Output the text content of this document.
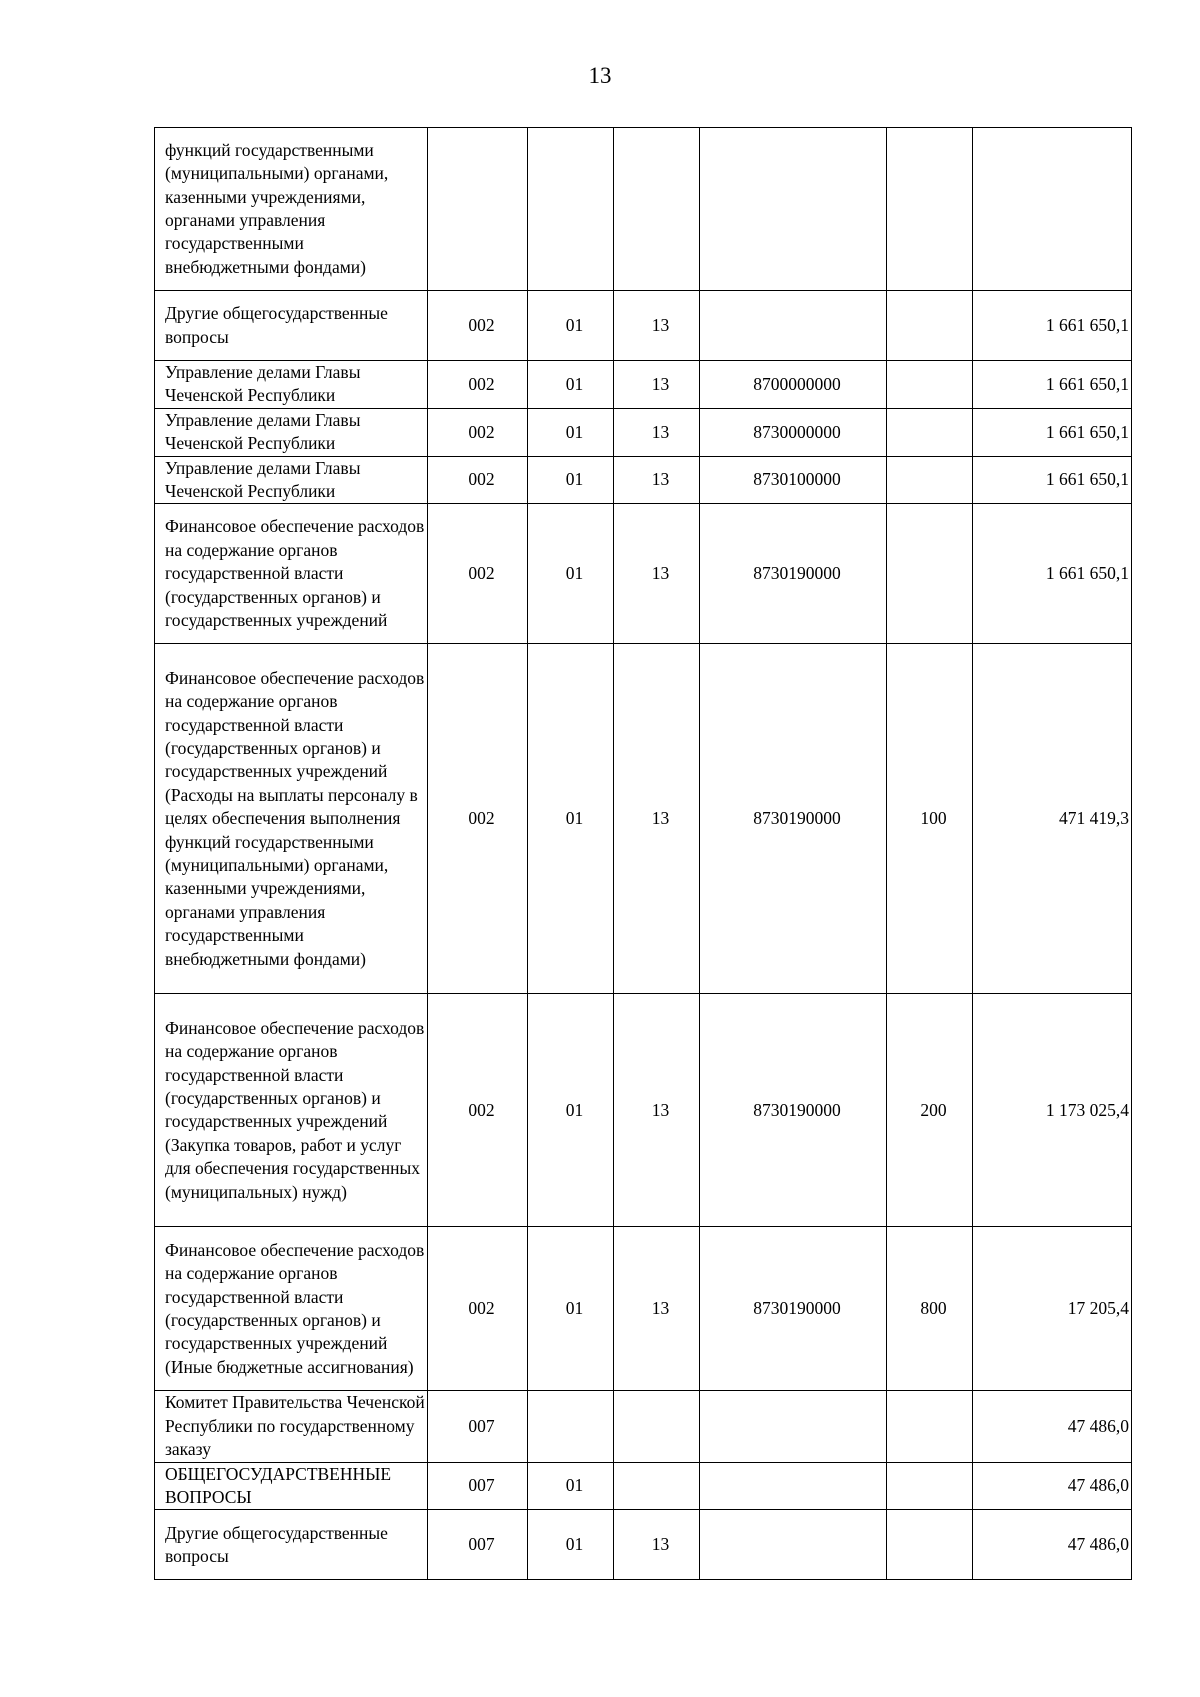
13
функций государственными (муниципальными) органами, казенными учреждениями, органами управления государственными внебюджетными фондами)						
Другие общегосударственные вопросы	002	01	13			1 661 650,1
Управление делами Главы Чеченской Республики	002	01	13	8700000000		1 661 650,1
Управление делами Главы Чеченской Республики	002	01	13	8730000000		1 661 650,1
Управление делами Главы Чеченской Республики	002	01	13	8730100000		1 661 650,1
Финансовое обеспечение расходов на содержание органов государственной власти (государственных органов) и государственных учреждений	002	01	13	8730190000		1 661 650,1
Финансовое обеспечение расходов на содержание органов государственной власти (государственных органов) и государственных учреждений (Расходы на выплаты персоналу в целях обеспечения выполнения функций государственными (муниципальными) органами, казенными учреждениями, органами управления государственными внебюджетными фондами)	002	01	13	8730190000	100	471 419,3
Финансовое обеспечение расходов на содержание органов государственной власти (государственных органов) и государственных учреждений (Закупка товаров, работ и услуг для обеспечения государственных (муниципальных) нужд)	002	01	13	8730190000	200	1 173 025,4
Финансовое обеспечение расходов на содержание органов государственной власти (государственных органов) и государственных учреждений (Иные бюджетные ассигнования)	002	01	13	8730190000	800	17 205,4
Комитет Правительства Чеченской Республики по государственному заказу	007					47 486,0
ОБЩЕГОСУДАРСТВЕННЫЕ ВОПРОСЫ	007	01				47 486,0
Другие общегосударственные вопросы	007	01	13			47 486,0
